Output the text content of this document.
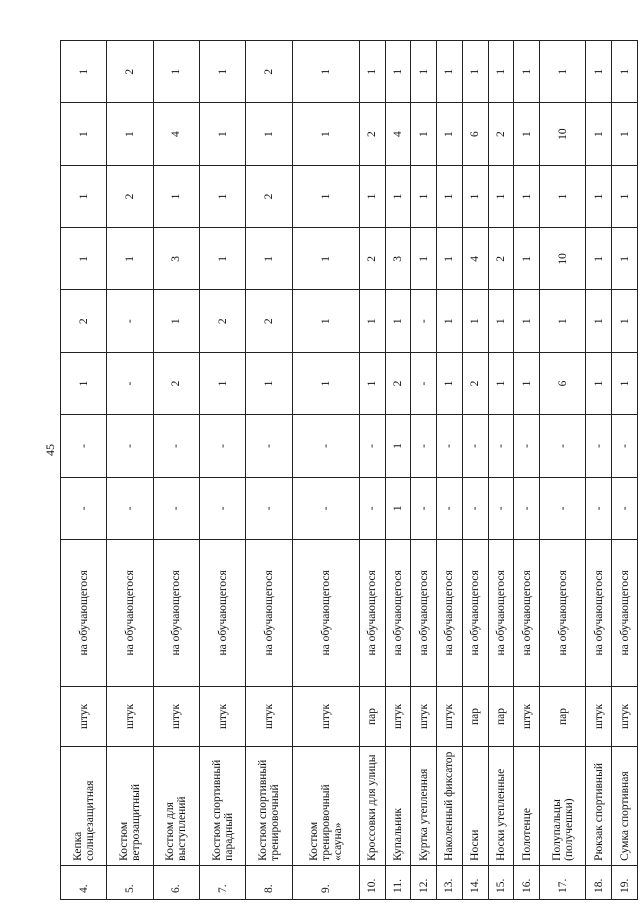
45
4.	Кепка солнцезащитная	штук	на обучающегося	-	-	1	2	1	1	1	1
5.	Костюм ветрозащитный	штук	на обучающегося	-	-	-	-	1	2	1	2
6.	Костюм для выступлений	штук	на обучающегося	-	-	2	1	3	1	4	1
7.	Костюм спортивный парадный	штук	на обучающегося	-	-	1	2	1	1	1	1
8.	Костюм спортивный тренировочный	штук	на обучающегося	-	-	1	2	1	2	1	2
9.	Костюм тренировочный «сауна»	штук	на обучающегося	-	-	1	1	1	1	1	1
10.	Кроссовки для улицы	пар	на обучающегося	-	-	1	1	2	1	2	1
11.	Купальник	штук	на обучающегося	1	1	2	1	3	1	4	1
12.	Куртка утепленная	штук	на обучающегося	-	-	-	-	1	1	1	1
13.	Наколенный фиксатор	штук	на обучающегося	-	-	1	1	1	1	1	1
14.	Носки	пар	на обучающегося	-	-	2	1	4	1	6	1
15.	Носки утепленные	пар	на обучающегося	-	-	1	1	2	1	2	1
16.	Полотенце	штук	на обучающегося	-	-	1	1	1	1	1	1
17.	Полупальцы (получешки)	пар	на обучающегося	-	-	6	1	10	1	10	1
18.	Рюкзак спортивный	штук	на обучающегося	-	-	1	1	1	1	1	1
19.	Сумка спортивная	штук	на обучающегося	-	-	1	1	1	1	1	1
